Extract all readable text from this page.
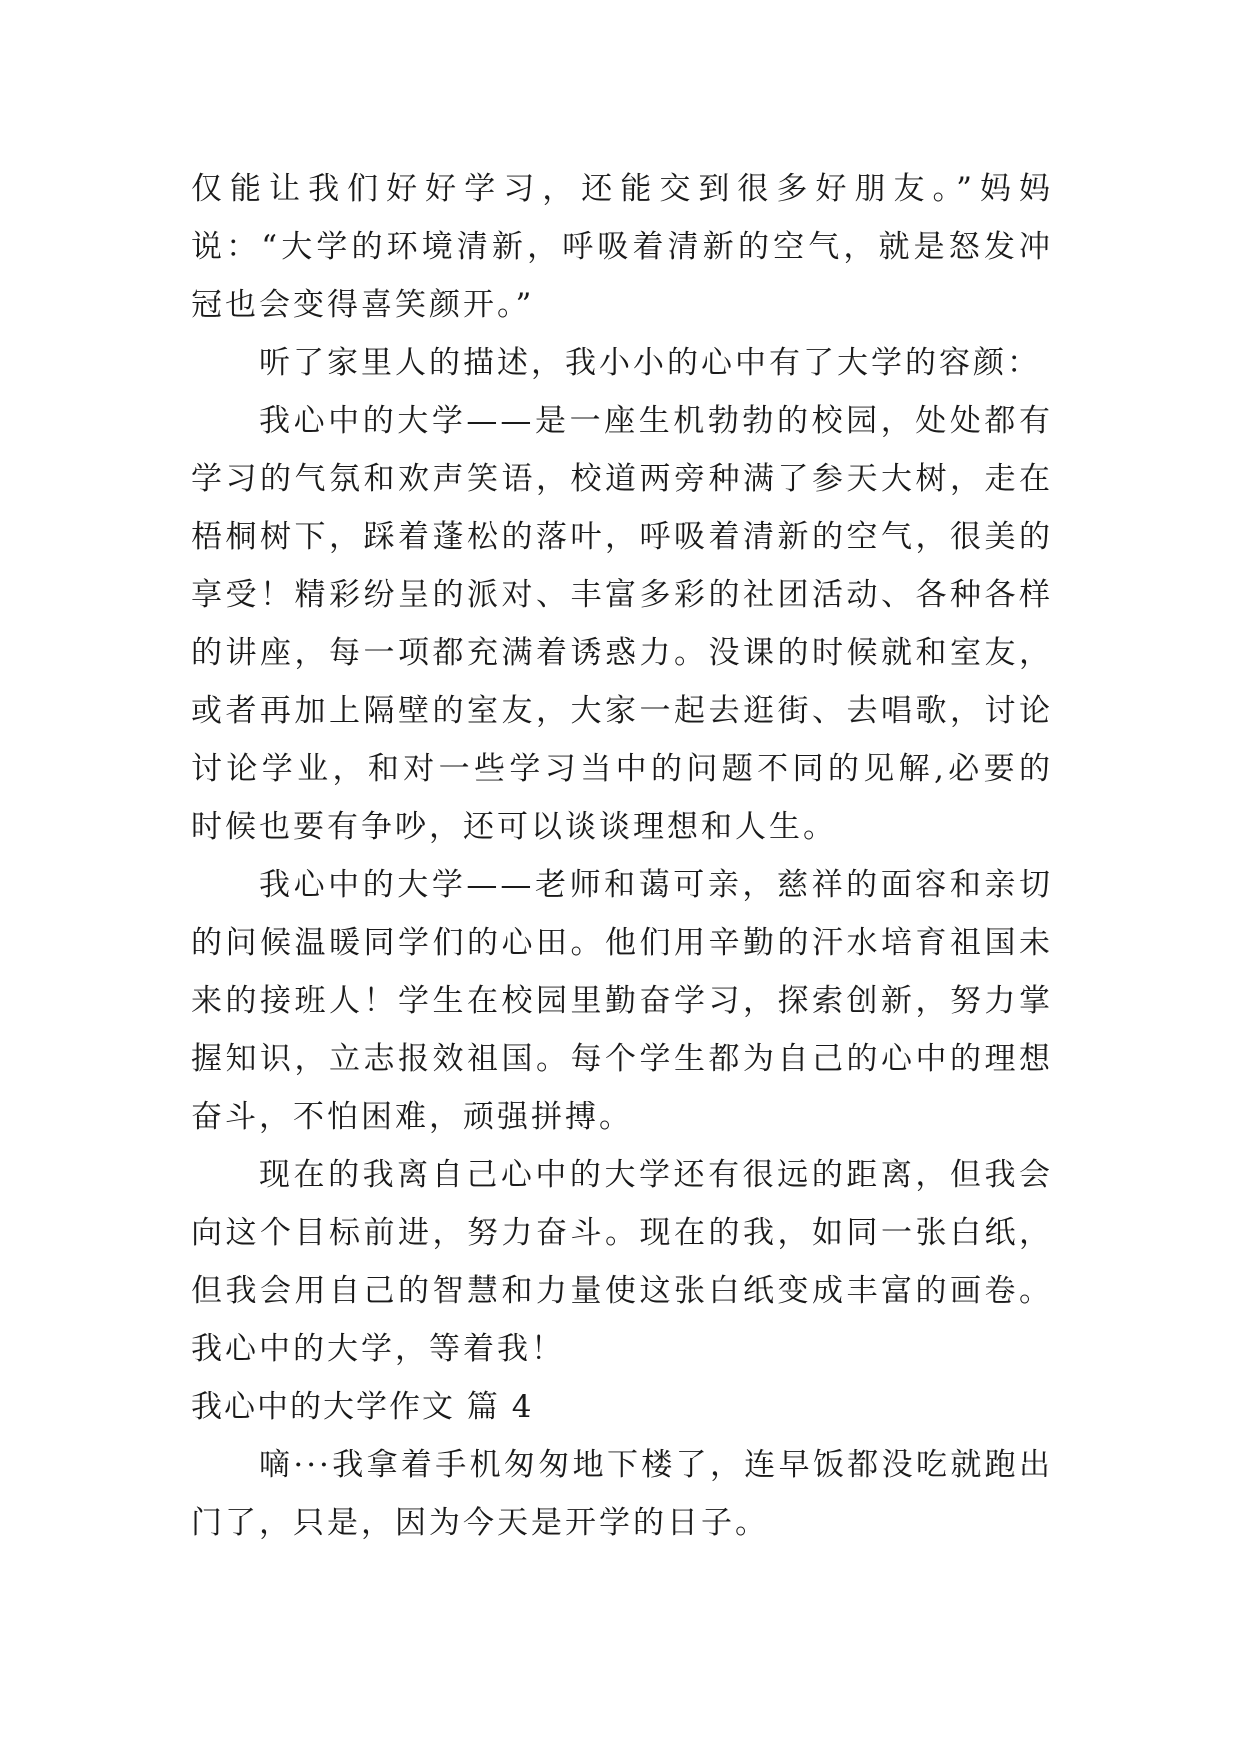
仅能让我们好好学习，还能交到很多好朋友。”妈妈说：“大学的环境清新，呼吸着清新的空气，就是怒发冲冠也会变得喜笑颜开。”

听了家里人的描述，我小小的心中有了大学的容颜：

我心中的大学——是一座生机勃勃的校园，处处都有学习的气氛和欢声笑语，校道两旁种满了参天大树，走在梧桐树下，踩着蓬松的落叶，呼吸着清新的空气，很美的享受！精彩纷呈的派对、丰富多彩的社团活动、各种各样的讲座，每一项都充满着诱惑力。没课的时候就和室友，或者再加上隔壁的室友，大家一起去逛街、去唱歌，讨论讨论学业，和对一些学习当中的问题不同的见解,必要的时候也要有争吵，还可以谈谈理想和人生。

我心中的大学——老师和蔼可亲，慈祥的面容和亲切的问候温暖同学们的心田。他们用辛勤的汗水培育祖国未来的接班人！学生在校园里勤奋学习，探索创新，努力掌握知识，立志报效祖国。每个学生都为自己的心中的理想奋斗，不怕困难，顽强拼搏。

现在的我离自己心中的大学还有很远的距离，但我会向这个目标前进，努力奋斗。现在的我，如同一张白纸，但我会用自己的智慧和力量使这张白纸变成丰富的画卷。我心中的大学，等着我！

我心中的大学作文 篇 4

嘀···我拿着手机匆匆地下楼了，连早饭都没吃就跑出门了，只是，因为今天是开学的日子。
